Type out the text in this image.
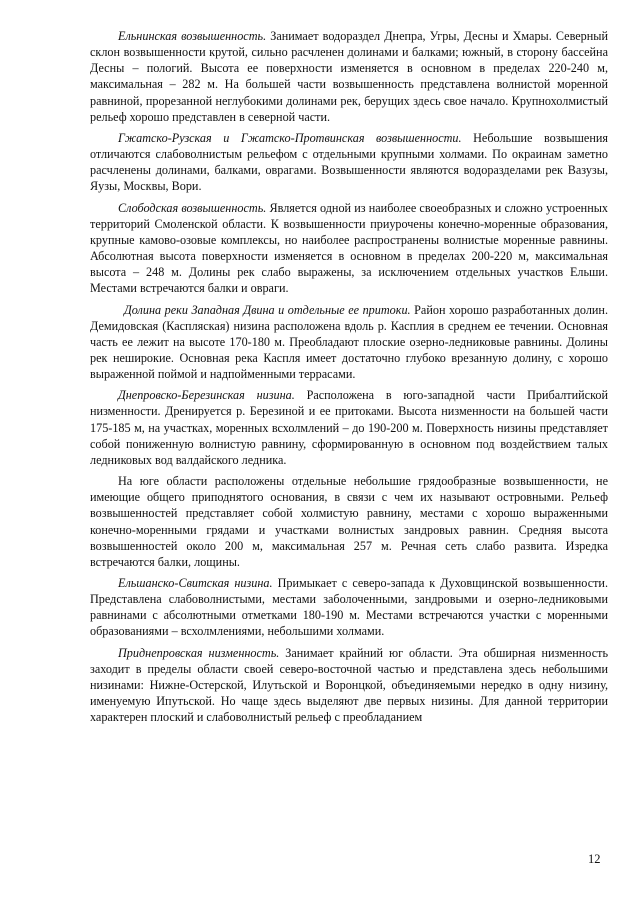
Ельнинская возвышенность. Занимает водораздел Днепра, Угры, Десны и Хмары. Северный склон возвышенности крутой, сильно расчленен долинами и балками; южный, в сторону бассейна Десны – пологий. Высота ее поверхности изменяется в основном в пределах 220-240 м, максимальная – 282 м. На большей части возвышенность представлена волнистой моренной равниной, прорезанной неглубокими долинами рек, берущих здесь свое начало. Крупнохолмистый рельеф хорошо представлен в северной части.

Гжатско-Рузская и Гжатско-Протвинская возвышенности. Небольшие возвышения отличаются слабоволнистым рельефом с отдельными крупными холмами. По окраинам заметно расчленены долинами, балками, оврагами. Возвышенности являются водоразделами рек Вазузы, Яузы, Москвы, Вори.

Слободская возвышенность. Является одной из наиболее своеобразных и сложно устроенных территорий Смоленской области. К возвышенности приурочены конечно-моренные образования, крупные камово-озовые комплексы, но наиболее распространены волнистые моренные равнины. Абсолютная высота поверхности изменяется в основном в пределах 200-220 м, максимальная высота – 248 м. Долины рек слабо выражены, за исключением отдельных участков Ельши. Местами встречаются балки и овраги.

Долина реки Западная Двина и отдельные ее притоки. Район хорошо разработанных долин. Демидовская (Каспляская) низина расположена вдоль р. Касплия в среднем ее течении. Основная часть ее лежит на высоте 170-180 м. Преобладают плоские озерно-ледниковые равнины. Долины рек неширокие. Основная река Каспля имеет достаточно глубоко врезанную долину, с хорошо выраженной поймой и надпойменными террасами.

Днепровско-Березинская низина. Расположена в юго-западной части Прибалтийской низменности. Дренируется р. Березиной и ее притоками. Высота низменности на большей части 175-185 м, на участках, моренных всхолмлений – до 190-200 м. Поверхность низины представляет собой пониженную волнистую равнину, сформированную в основном под воздействием талых ледниковых вод валдайского ледника.

На юге области расположены отдельные небольшие грядообразные возвышенности, не имеющие общего приподнятого основания, в связи с чем их называют островными. Рельеф возвышенностей представляет собой холмистую равнину, местами с хорошо выраженными конечно-моренными грядами и участками волнистых зандровых равнин. Средняя высота возвышенностей около 200 м, максимальная 257 м. Речная сеть слабо развита. Изредка встречаются балки, лощины.

Ельшанско-Свитская низина. Примыкает с северо-запада к Духовщинской возвышенности. Представлена слабоволнистыми, местами заболоченными, зандровыми и озерно-ледниковыми равнинами с абсолютными отметками 180-190 м. Местами встречаются участки с моренными образованиями – всхолмлениями, небольшими холмами.

Приднепровская низменность. Занимает крайний юг области. Эта обширная низменность заходит в пределы области своей северо-восточной частью и представлена здесь небольшими низинами: Нижне-Остерской, Илутьской и Воронцкой, объединяемыми нередко в одну низину, именуемую Ипутьской. Но чаще здесь выделяют две первых низины. Для данной территории характерен плоский и слабоволнистый рельеф с преобладанием

12
